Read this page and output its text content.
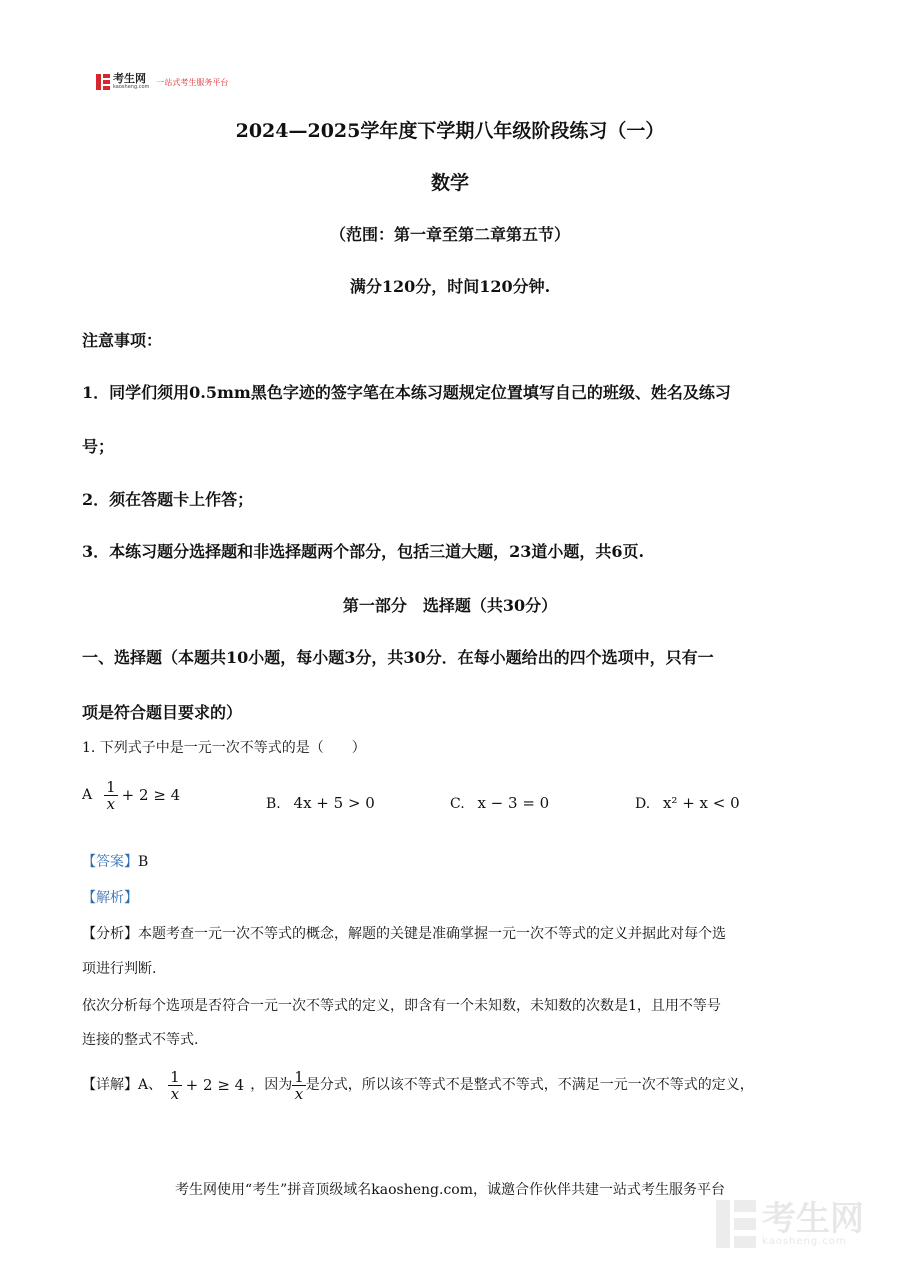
考生网
kaosheng.com
一站式考生服务平台
2024—2025学年度下学期八年级阶段练习（一）
数学
（范围：第一章至第二章第五节）
满分120分，时间120分钟.
注意事项：
1．同学们须用0.5mm黑色字迹的签字笔在本练习题规定位置填写自己的班级、姓名及练习
号；
2．须在答题卡上作答；
3．本练习题分选择题和非选择题两个部分，包括三道大题，23道小题，共6页.
第一部分　选择题（共30分）
一、选择题（本题共10小题，每小题3分，共30分．在每小题给出的四个选项中，只有一
项是符合题目要求的）
1. 下列式子中是一元一次不等式的是（　　）
A $\frac{1}{x} + 2 \ge 4$	B. 4x + 5 > 0	C. x − 3 = 0	D. x² + x < 0
【答案】B
【解析】
【分析】本题考查一元一次不等式的概念，解题的关键是准确掌握一元一次不等式的定义并据此对每个选
项进行判断.
依次分析每个选项是否符合一元一次不等式的定义，即含有一个未知数，未知数的次数是1，且用不等号
连接的整式不等式.
【详解】 A、 $\frac{1}{x} + 2 \ge 4$ ，因为 $\frac{1}{x}$ 是分式，所以该不等式不是整式不等式，不满足一元一次不等式的定义，
考生网使用“考生”拼音顶级域名kaosheng.com，诚邀合作伙伴共建一站式考生服务平台
考生网
kaosheng.com
